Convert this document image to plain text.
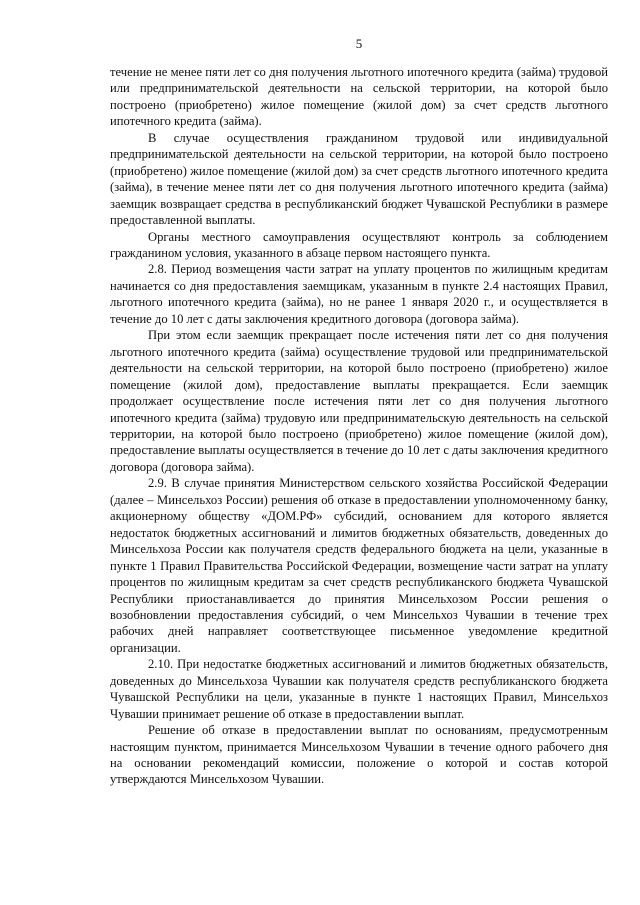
5

течение не менее пяти лет со дня получения льготного ипотечного кредита (займа) трудовой или предпринимательской деятельности на сельской территории, на которой было построено (приобретено) жилое помещение (жилой дом) за счет средств льготного ипотечного кредита (займа).

В случае осуществления гражданином трудовой или индивидуальной предпринимательской деятельности на сельской территории, на которой было построено (приобретено) жилое помещение (жилой дом) за счет средств льготного ипотечного кредита (займа), в течение менее пяти лет со дня получения льготного ипотечного кредита (займа) заемщик возвращает средства в республиканский бюджет Чувашской Республики в размере предоставленной выплаты.

Органы местного самоуправления осуществляют контроль за соблюдением гражданином условия, указанного в абзаце первом настоящего пункта.

2.8. Период возмещения части затрат на уплату процентов по жилищным кредитам начинается со дня предоставления заемщикам, указанным в пункте 2.4 настоящих Правил, льготного ипотечного кредита (займа), но не ранее 1 января 2020 г., и осуществляется в течение до 10 лет с даты заключения кредитного договора (договора займа).

При этом если заемщик прекращает после истечения пяти лет со дня получения льготного ипотечного кредита (займа) осуществление трудовой или предпринимательской деятельности на сельской территории, на которой было построено (приобретено) жилое помещение (жилой дом), предоставление выплаты прекращается. Если заемщик продолжает осуществление после истечения пяти лет со дня получения льготного ипотечного кредита (займа) трудовую или предпринимательскую деятельность на сельской территории, на которой было построено (приобретено) жилое помещение (жилой дом), предоставление выплаты осуществляется в течение до 10 лет с даты заключения кредитного договора (договора займа).

2.9. В случае принятия Министерством сельского хозяйства Российской Федерации (далее – Минсельхоз России) решения об отказе в предоставлении уполномоченному банку, акционерному обществу «ДОМ.РФ» субсидий, основанием для которого является недостаток бюджетных ассигнований и лимитов бюджетных обязательств, доведенных до Минсельхоза России как получателя средств федерального бюджета на цели, указанные в пункте 1 Правил Правительства Российской Федерации, возмещение части затрат на уплату процентов по жилищным кредитам за счет средств республиканского бюджета Чувашской Республики приостанавливается до принятия Минсельхозом России решения о возобновлении предоставления субсидий, о чем Минсельхоз Чувашии в течение трех рабочих дней направляет соответствующее письменное уведомление кредитной организации.

2.10. При недостатке бюджетных ассигнований и лимитов бюджетных обязательств, доведенных до Минсельхоза Чувашии как получателя средств республиканского бюджета Чувашской Республики на цели, указанные в пункте 1 настоящих Правил, Минсельхоз Чувашии принимает решение об отказе в предоставлении выплат.

Решение об отказе в предоставлении выплат по основаниям, предусмотренным настоящим пунктом, принимается Минсельхозом Чувашии в течение одного рабочего дня на основании рекомендаций комиссии, положение о которой и состав которой утверждаются Минсельхозом Чувашии.
